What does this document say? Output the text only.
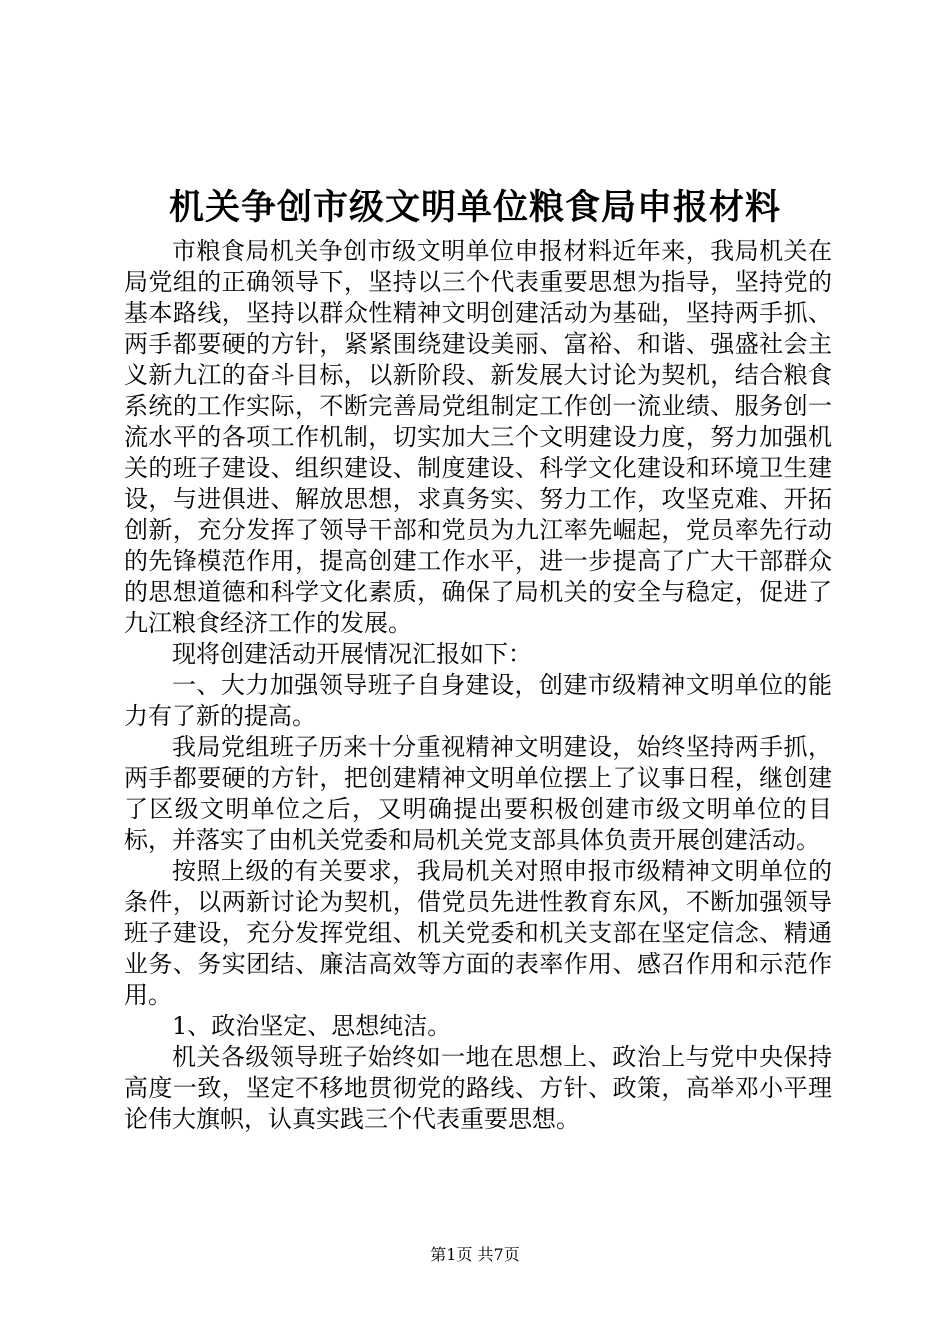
机关争创市级文明单位粮食局申报材料

市粮食局机关争创市级文明单位申报材料近年来，我局机关在局党组的正确领导下，坚持以三个代表重要思想为指导，坚持党的基本路线，坚持以群众性精神文明创建活动为基础，坚持两手抓、两手都要硬的方针，紧紧围绕建设美丽、富裕、和谐、强盛社会主义新九江的奋斗目标，以新阶段、新发展大讨论为契机，结合粮食系统的工作实际，不断完善局党组制定工作创一流业绩、服务创一流水平的各项工作机制，切实加大三个文明建设力度，努力加强机关的班子建设、组织建设、制度建设、科学文化建设和环境卫生建设，与进俱进、解放思想，求真务实、努力工作，攻坚克难、开拓创新，充分发挥了领导干部和党员为九江率先崛起，党员率先行动的先锋模范作用，提高创建工作水平，进一步提高了广大干部群众的思想道德和科学文化素质，确保了局机关的安全与稳定，促进了九江粮食经济工作的发展。

现将创建活动开展情况汇报如下：

一、大力加强领导班子自身建设，创建市级精神文明单位的能力有了新的提高。

我局党组班子历来十分重视精神文明建设，始终坚持两手抓，两手都要硬的方针，把创建精神文明单位摆上了议事日程，继创建了区级文明单位之后，又明确提出要积极创建市级文明单位的目标，并落实了由机关党委和局机关党支部具体负责开展创建活动。

按照上级的有关要求，我局机关对照申报市级精神文明单位的条件，以两新讨论为契机，借党员先进性教育东风，不断加强领导班子建设，充分发挥党组、机关党委和机关支部在坚定信念、精通业务、务实团结、廉洁高效等方面的表率作用、感召作用和示范作用。

1、政治坚定、思想纯洁。

机关各级领导班子始终如一地在思想上、政治上与党中央保持高度一致，坚定不移地贯彻党的路线、方针、政策，高举邓小平理论伟大旗帜，认真实践三个代表重要思想。

第1页 共7页
